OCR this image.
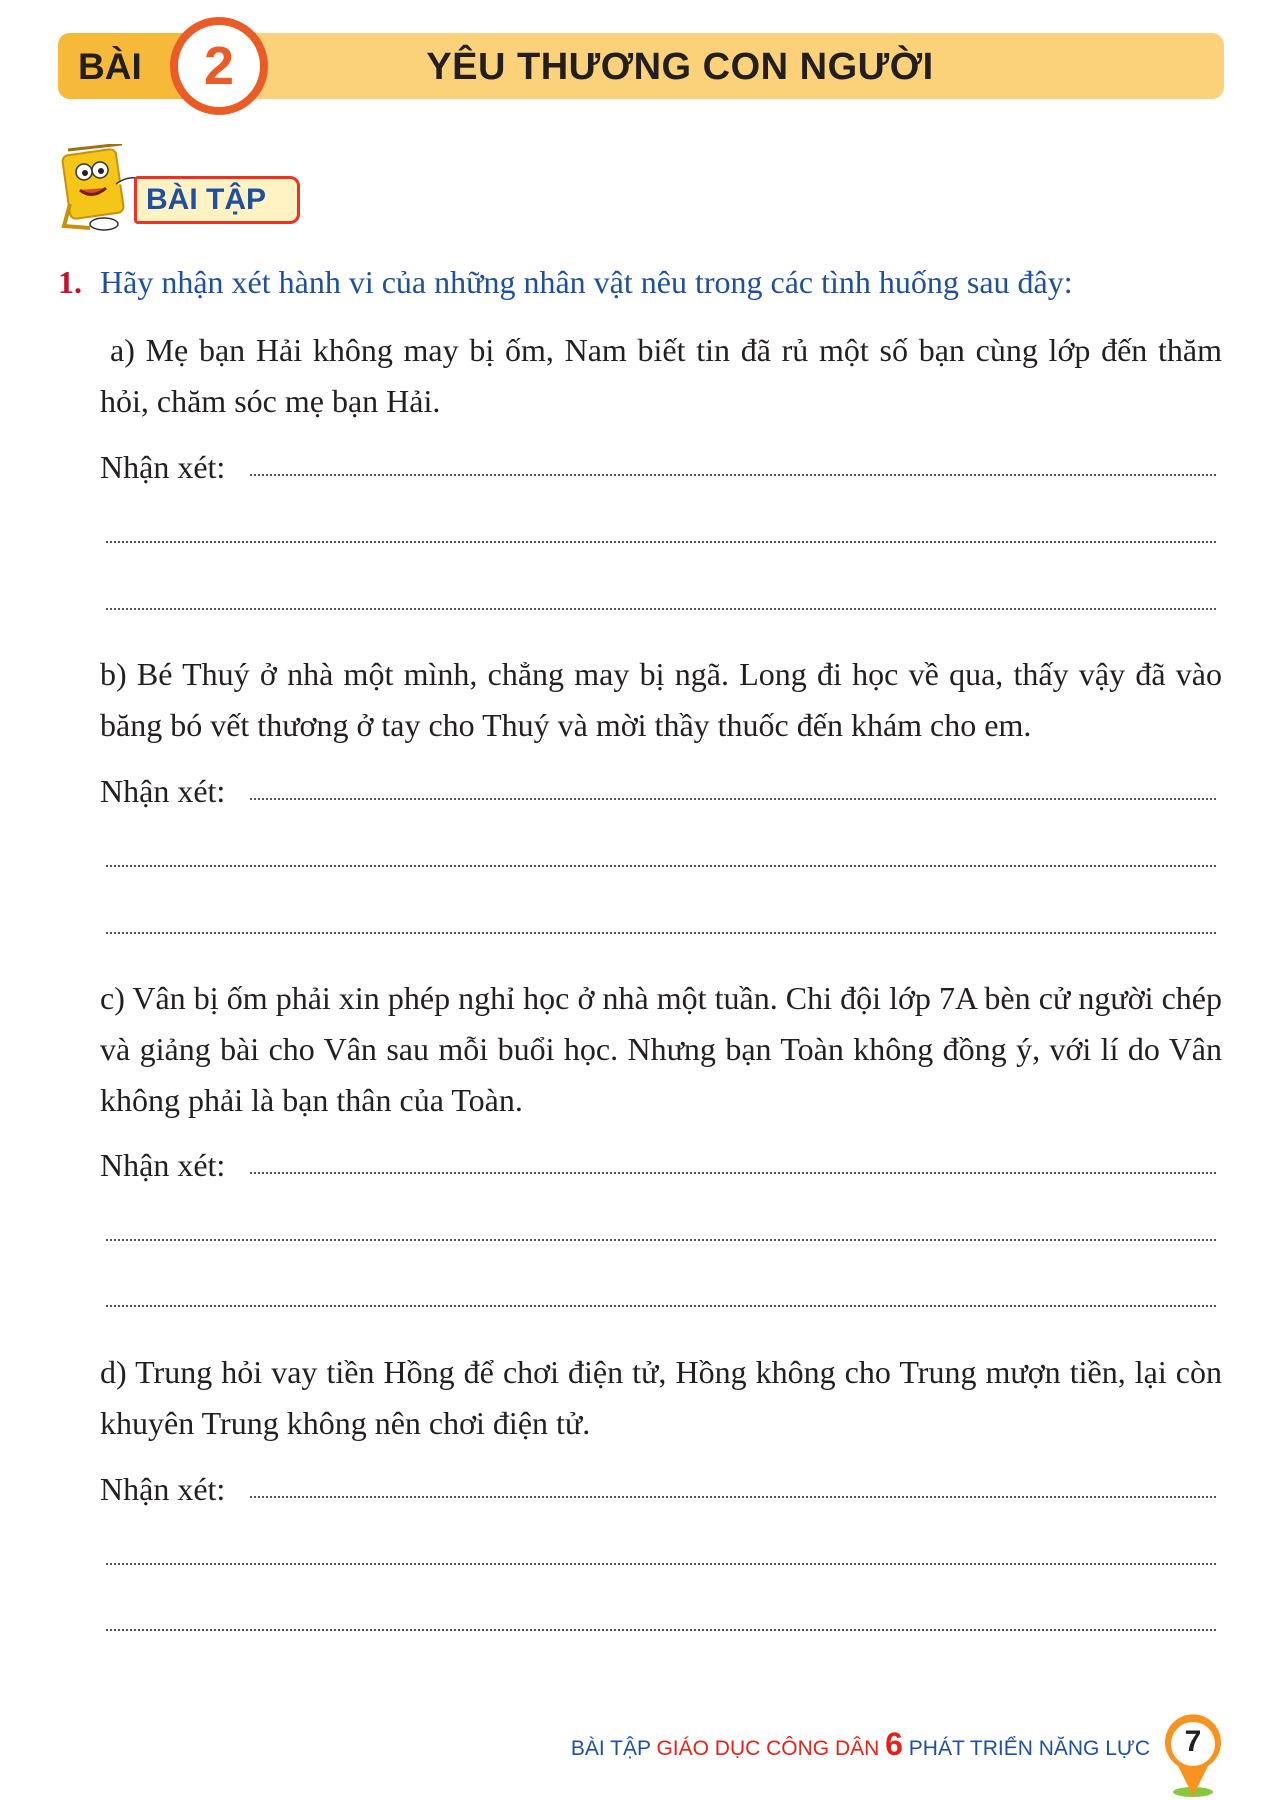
BÀI	2	YÊU THƯƠNG CON NGƯỜI
BÀI TẬP
1. Hãy nhận xét hành vi của những nhân vật nêu trong các tình huống sau đây:

a) Mẹ bạn Hải không may bị ốm, Nam biết tin đã rủ một số bạn cùng lớp đến thăm hỏi, chăm sóc mẹ bạn Hải.

Nhận xét:

b) Bé Thuý ở nhà một mình, chẳng may bị ngã. Long đi học về qua, thấy vậy đã vào băng bó vết thương ở tay cho Thuý và mời thầy thuốc đến khám cho em.

Nhận xét:

c) Vân bị ốm phải xin phép nghỉ học ở nhà một tuần. Chi đội lớp 7A bèn cử người chép và giảng bài cho Vân sau mỗi buổi học. Nhưng bạn Toàn không đồng ý, với lí do Vân không phải là bạn thân của Toàn.

Nhận xét:

d) Trung hỏi vay tiền Hồng để chơi điện tử, Hồng không cho Trung mượn tiền, lại còn khuyên Trung không nên chơi điện tử.

Nhận xét:
BÀI TẬP GIÁO DỤC CÔNG DÂN 6 PHÁT TRIỂN NĂNG LỰC	7
